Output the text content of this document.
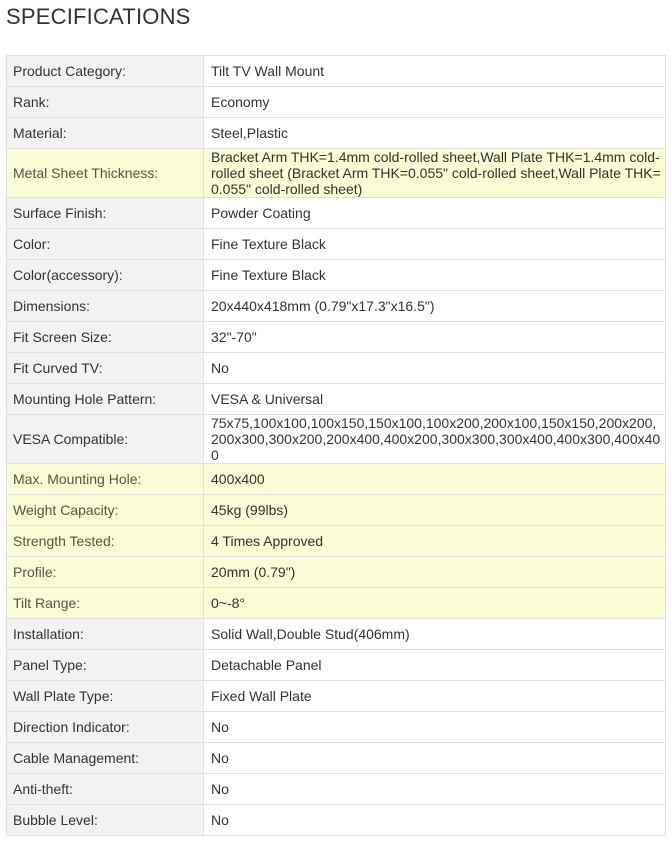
SPECIFICATIONS
Product Category:	Tilt TV Wall Mount
Rank:	Economy
Material:	Steel,Plastic
Metal Sheet Thickness:	Bracket Arm THK=1.4mm cold-rolled sheet,Wall Plate THK=1.4mm cold-rolled sheet (Bracket Arm THK=0.055" cold-rolled sheet,Wall Plate THK=0.055" cold-rolled sheet)
Surface Finish:	Powder Coating
Color:	Fine Texture Black
Color(accessory):	Fine Texture Black
Dimensions:	20x440x418mm (0.79"x17.3"x16.5")
Fit Screen Size:	32"-70"
Fit Curved TV:	No
Mounting Hole Pattern:	VESA & Universal
VESA Compatible:	75x75,100x100,100x150,150x100,100x200,200x100,150x150,200x200,200x300,300x200,200x400,400x200,300x300,300x400,400x300,400x400
Max. Mounting Hole:	400x400
Weight Capacity:	45kg (99lbs)
Strength Tested:	4 Times Approved
Profile:	20mm (0.79")
Tilt Range:	0~-8°
Installation:	Solid Wall,Double Stud(406mm)
Panel Type:	Detachable Panel
Wall Plate Type:	Fixed Wall Plate
Direction Indicator:	No
Cable Management:	No
Anti-theft:	No
Bubble Level:	No
